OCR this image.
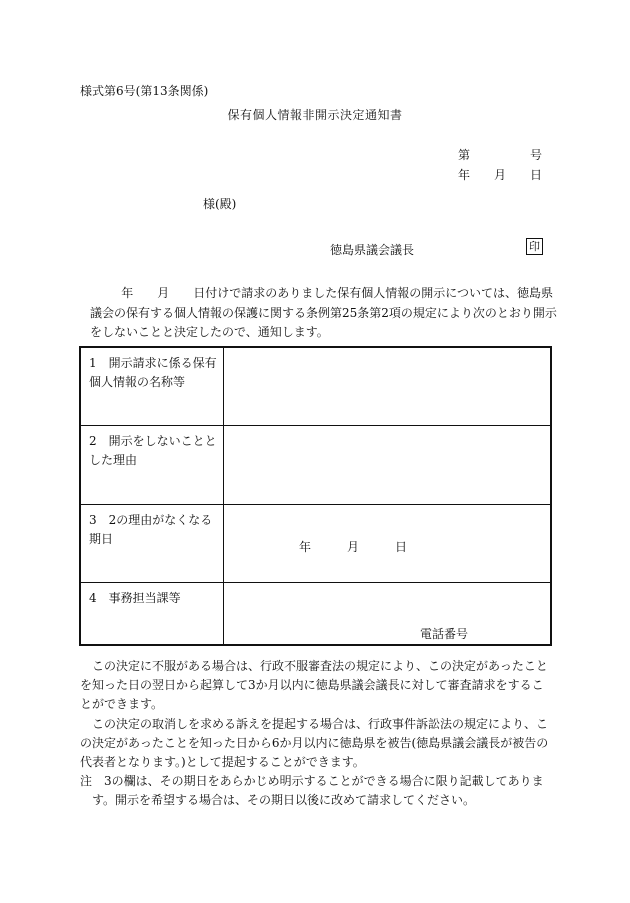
様式第6号(第13条関係)
保有個人情報非開示決定通知書
第	号
年 月 日
様(殿)
徳島県議会議長	印

年　　月　　日付けで請求のありました保有個人情報の開示については、徳島県

議会の保有する個人情報の保護に関する条例第25条第2項の規定により次のとおり開示

をしないことと決定したので、通知します。

1　開示請求に係る保有個人情報の名称等	
2　開示をしないこととした理由	
3　2の理由がなくなる期日	年 月 日

4　事務担当課等	電話番号

この決定に不服がある場合は、行政不服審査法の規定により、この決定があったことを知った日の翌日から起算して3か月以内に徳島県議会議長に対して審査請求をすることができます。

この決定の取消しを求める訴えを提起する場合は、行政事件訴訟法の規定により、この決定があったことを知った日から6か月以内に徳島県を被告(徳島県議会議長が被告の代表者となります。)として提起することができます。

注　3の欄は、その期日をあらかじめ明示することができる場合に限り記載してあります。開示を希望する場合は、その期日以後に改めて請求してください。
